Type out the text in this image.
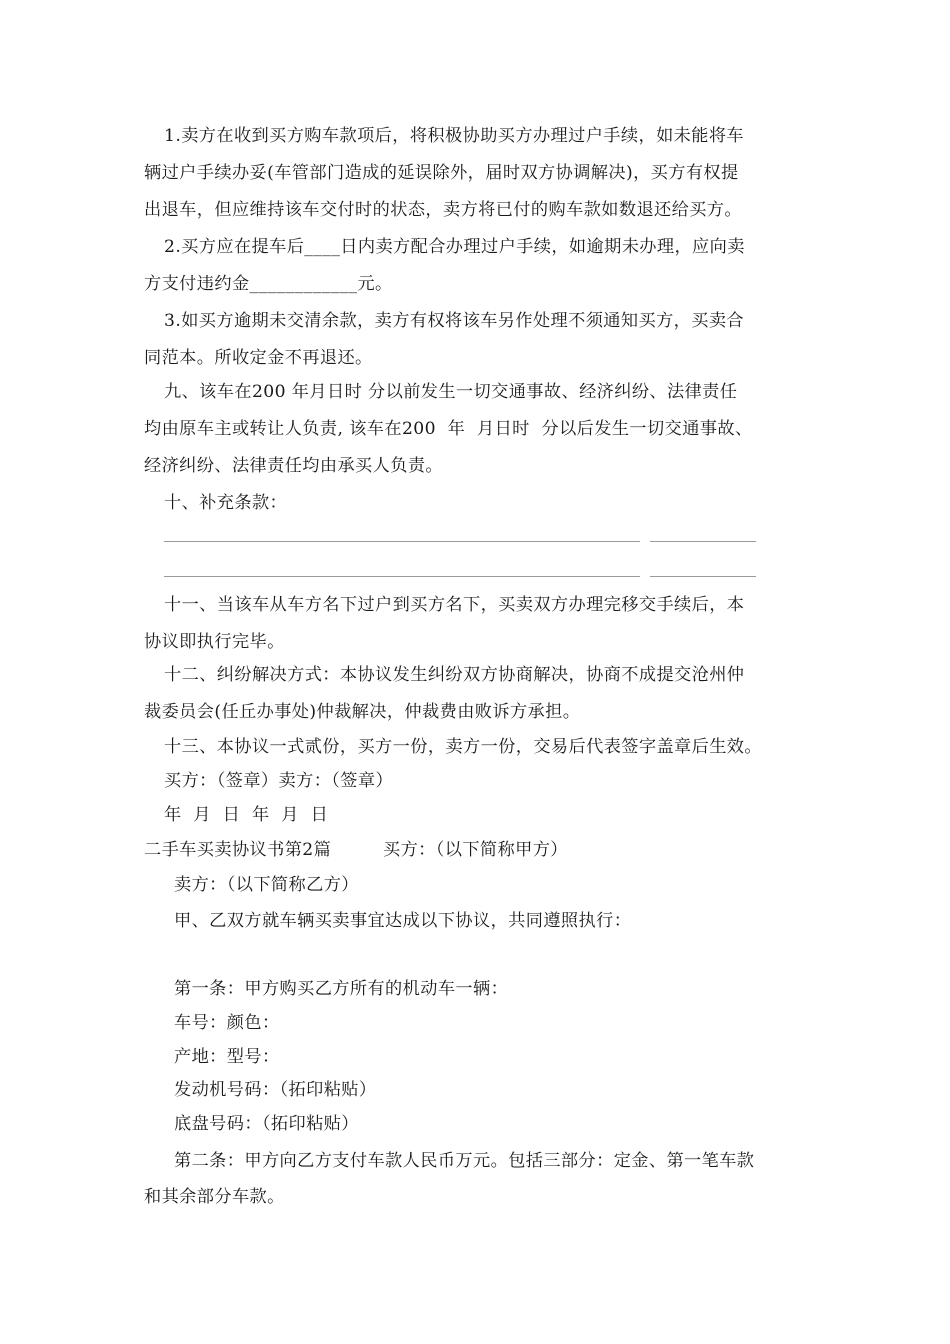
1.卖方在收到买方购车款项后，将积极协助买方办理过户手续，如未能将车
辆过户手续办妥(车管部门造成的延误除外，届时双方协调解决)，买方有权提
出退车，但应维持该车交付时的状态，卖方将已付的购车款如数退还给买方。
2.买方应在提车后____日内卖方配合办理过户手续，如逾期未办理，应向卖
方支付违约金____________元。
3.如买方逾期未交清余款，卖方有权将该车另作处理不须通知买方，买卖合
同范本。所收定金不再退还。
九、该车在200 年月日时 分以前发生一切交通事故、经济纠纷、法律责任
均由原车主或转让人负责, 该车在200  年  月日时  分以后发生一切交通事故、
经济纠纷、法律责任均由承买人负责。
十、补充条款：
十一、当该车从车方名下过户到买方名下，买卖双方办理完移交手续后，本
协议即执行完毕。
十二、纠纷解决方式：本协议发生纠纷双方协商解决，协商不成提交沧州仲
裁委员会(任丘办事处)仲裁解决，仲裁费由败诉方承担。
十三、本协议一式贰份，买方一份，卖方一份，交易后代表签字盖章后生效。
买方：（签章）卖方：（签章）
年  月  日  年  月  日
二手车买卖协议书第2篇	买方：（以下简称甲方）
卖方：（以下简称乙方）
甲、乙双方就车辆买卖事宜达成以下协议，共同遵照执行：
第一条：甲方购买乙方所有的机动车一辆：
车号：颜色：
产地：型号：
发动机号码：（拓印粘贴）
底盘号码：（拓印粘贴）
第二条：甲方向乙方支付车款人民币万元。包括三部分：定金、第一笔车款
和其余部分车款。
